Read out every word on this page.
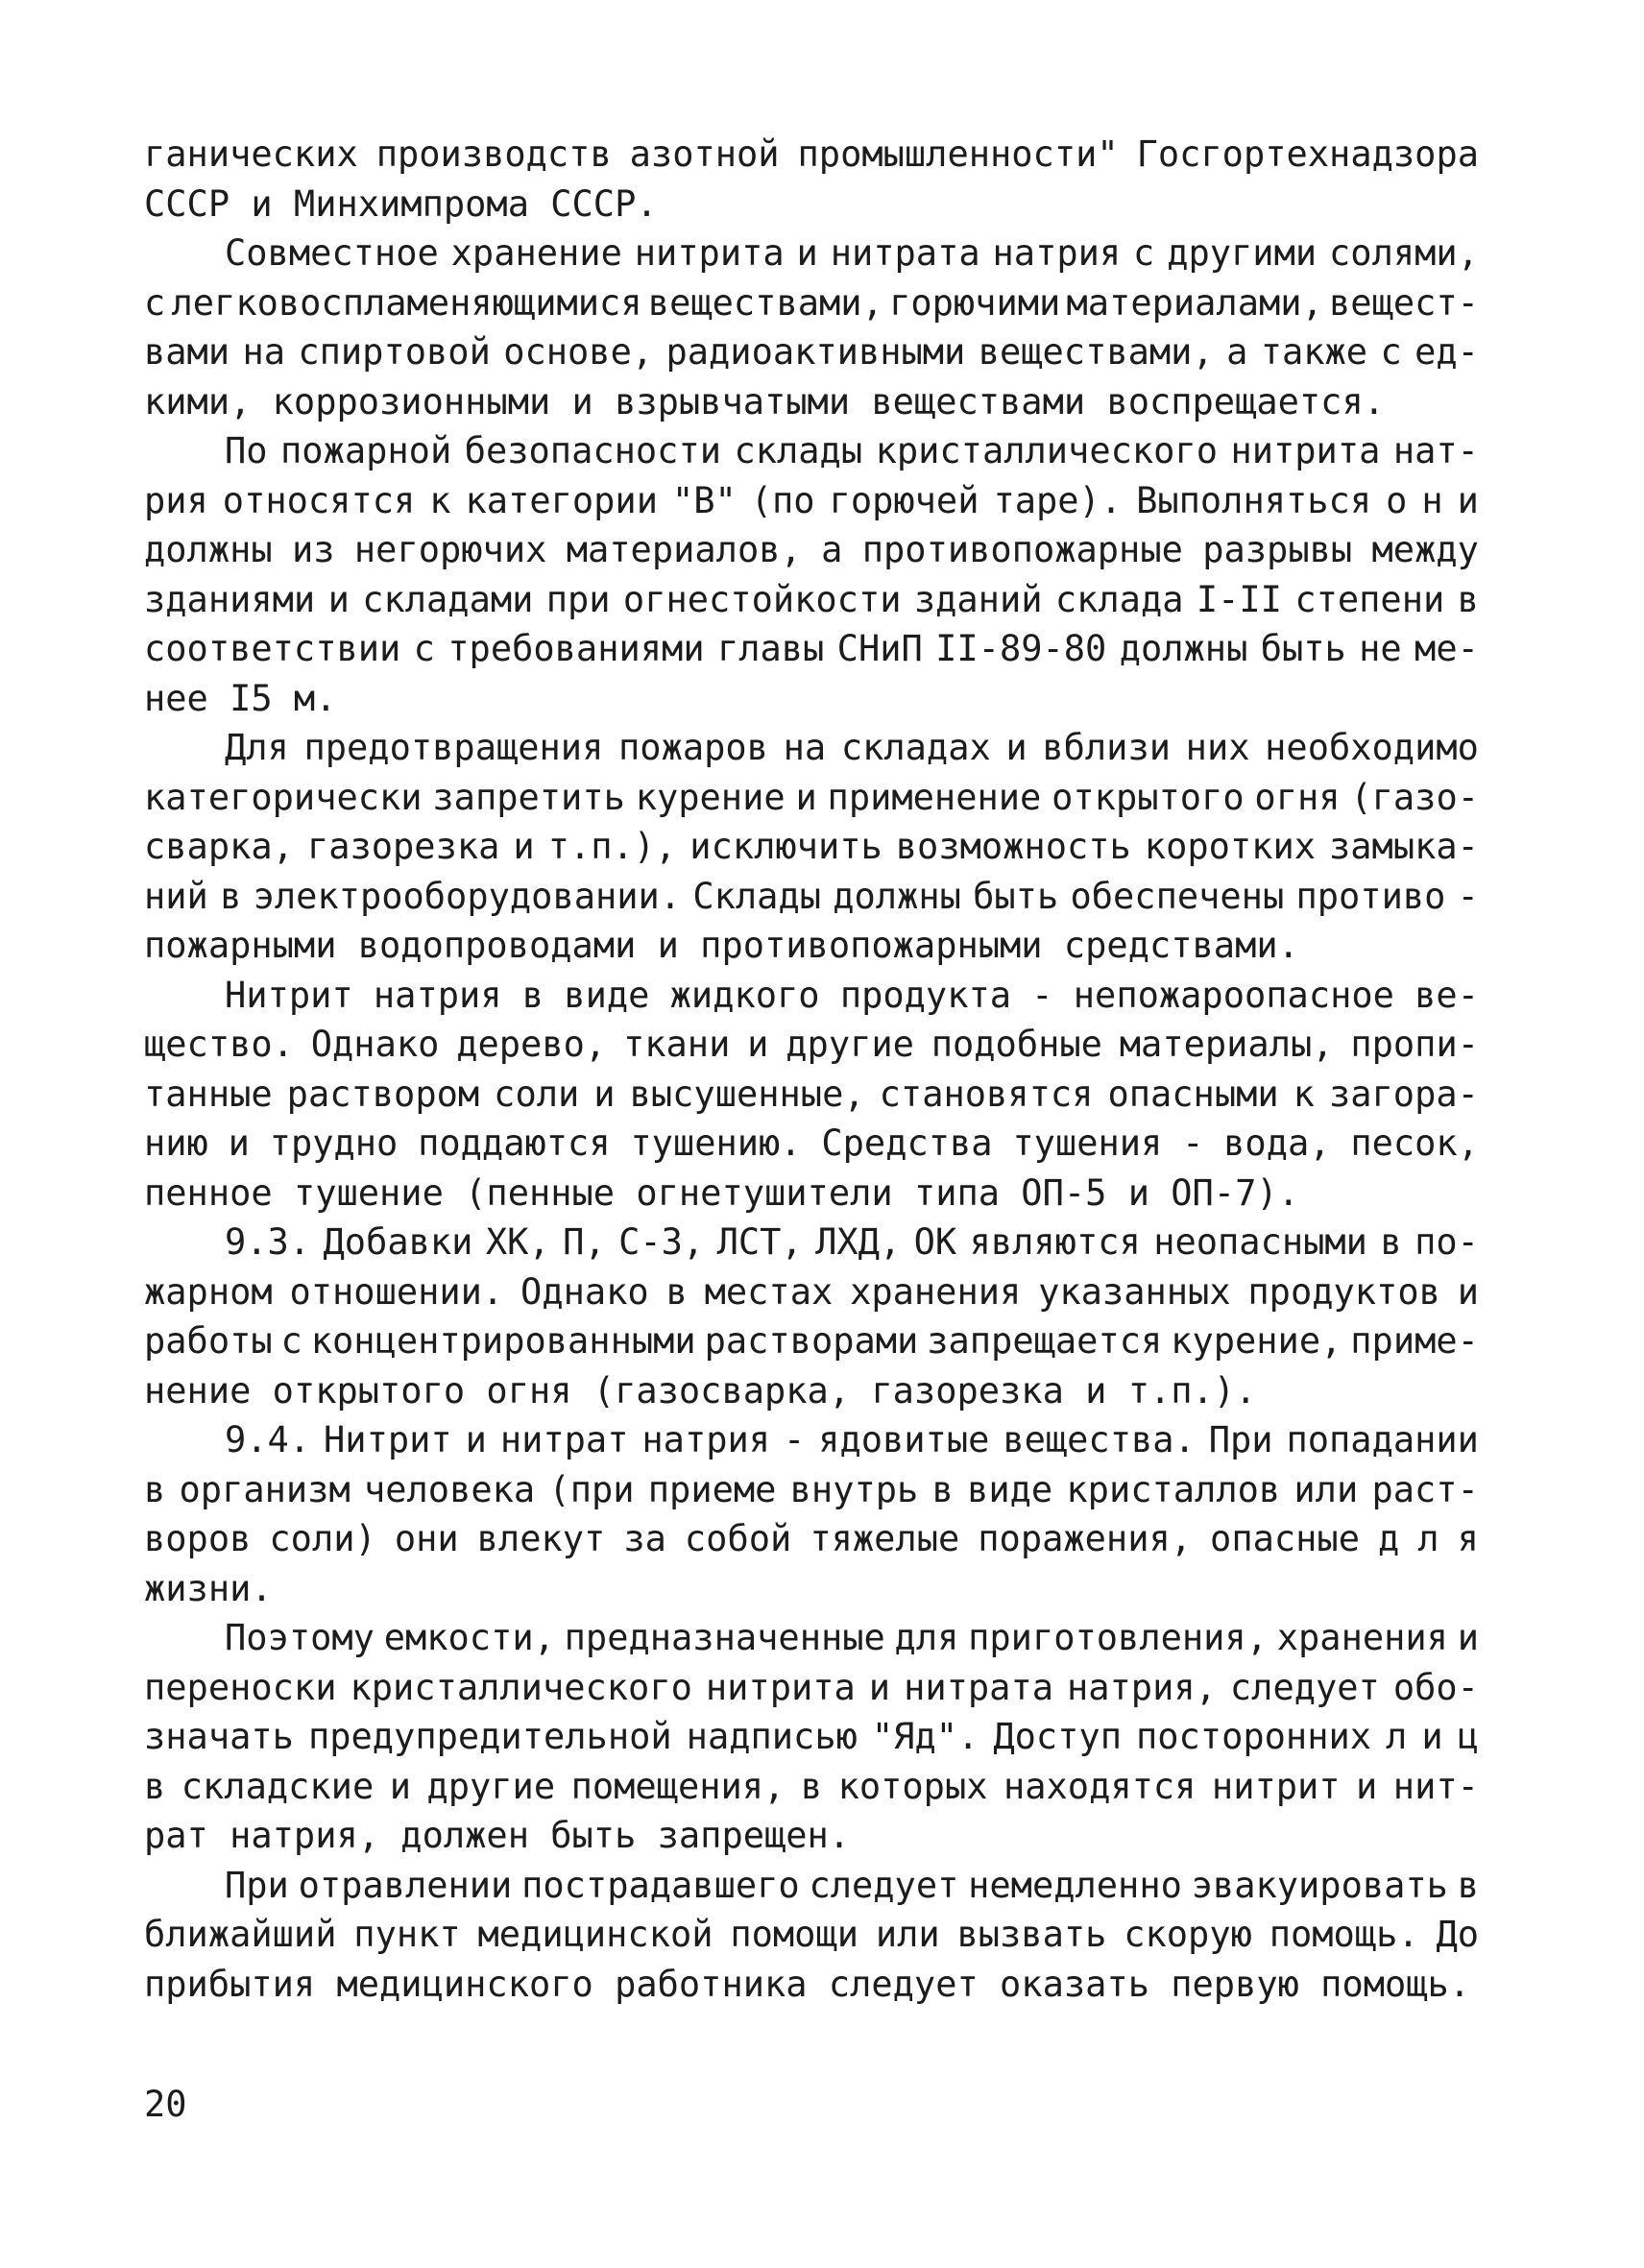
ганических производств азотной промышленности" Госгортехнадзора
СССР и Минхимпрома СССР.
Совместное хранение нитрита и нитрата натрия с другими солями,
с легковоспламеняющимися веществами, горючими материалами, вещест-
вами на спиртовой основе, радиоактивными веществами, а также с ед-
кими, коррозионными и взрывчатыми веществами воспрещается.
По пожарной безопасности склады кристаллического нитрита нат-
рия относятся к категории "В" (по горючей таре). Выполняться о н и
должны из негорючих материалов, а противопожарные разрывы между
зданиями и складами при огнестойкости зданий склада I-II степени в
соответствии с требованиями главы СНиП II-89-80 должны быть не ме-
нее I5 м.
Для предотвращения пожаров на складах и вблизи них необходимо
категорически запретить курение и применение открытого огня (газо-
сварка, газорезка и т.п.), исключить возможность коротких замыка-
ний в электрооборудовании. Склады должны быть обеспечены противо -
пожарными водопроводами и противопожарными средствами.
Нитрит натрия в виде жидкого продукта - непожароопасное ве-
щество. Однако дерево, ткани и другие подобные материалы, пропи-
танные раствором соли и высушенные, становятся опасными к загора-
нию и трудно поддаются тушению. Средства тушения - вода, песок,
пенное тушение (пенные огнетушители типа ОП-5 и ОП-7).
9.3. Добавки ХК, П, С-3, ЛСТ, ЛХД, ОК являются неопасными в по-
жарном отношении. Однако в местах хранения указанных продуктов и
работы с концентрированными растворами запрещается курение, приме-
нение открытого огня (газосварка, газорезка и т.п.).
9.4. Нитрит и нитрат натрия - ядовитые вещества. При попадании
в организм человека (при приеме внутрь в виде кристаллов или раст-
воров соли) они влекут за собой тяжелые поражения, опасные д л я
жизни.
Поэтому емкости, предназначенные для приготовления, хранения и
переноски кристаллического нитрита и нитрата натрия, следует обо-
значать предупредительной надписью "Яд". Доступ посторонних л и ц
в складские и другие помещения, в которых находятся нитрит и нит-
рат натрия, должен быть запрещен.
При отравлении пострадавшего следует немедленно эвакуировать в
ближайший пункт медицинской помощи или вызвать скорую помощь. До
прибытия медицинского работника следует оказать первую помощь.
20
